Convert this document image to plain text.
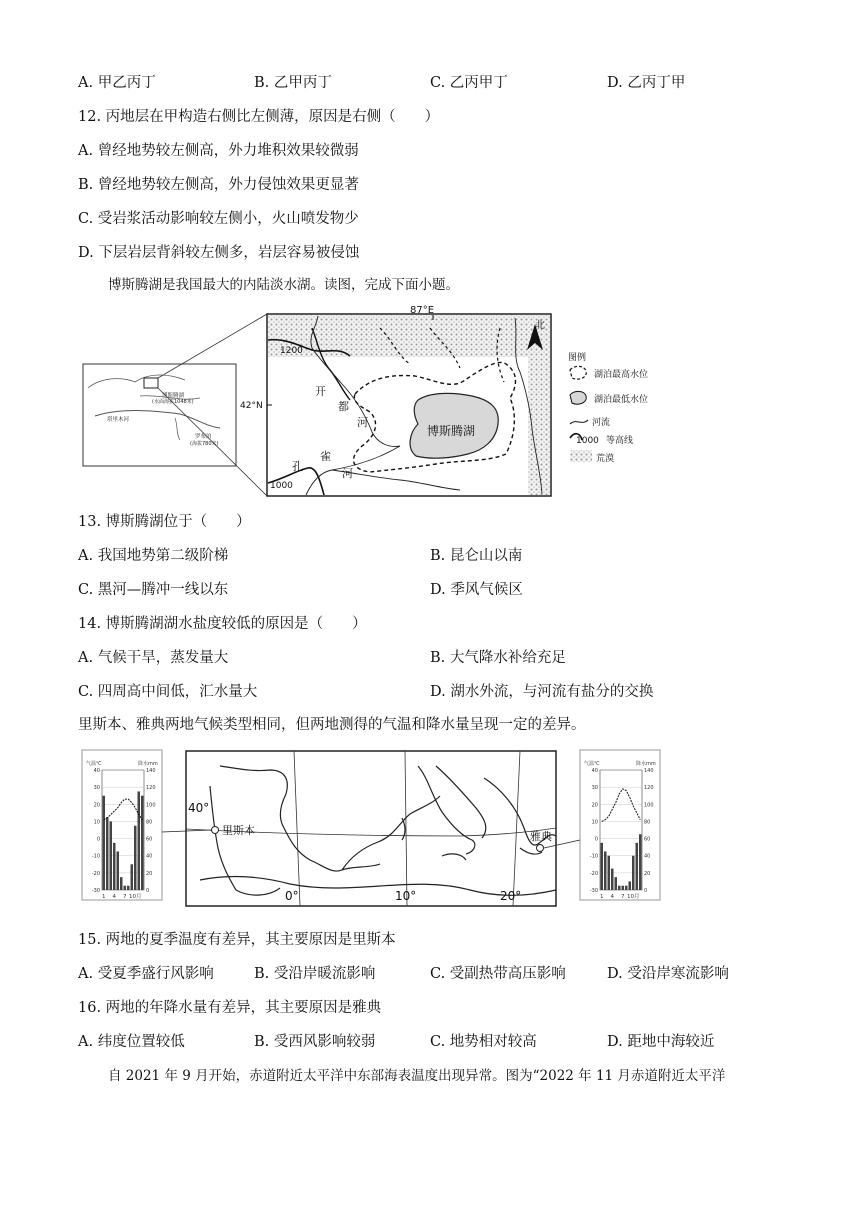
A. 甲乙丙丁	B. 乙甲丙丁	C. 乙丙甲丁	D. 乙丙丁甲
12. 丙地层在甲构造右侧比左侧薄，原因是右侧（　　）
A. 曾经地势较左侧高，外力堆积效果较微弱
B. 曾经地势较左侧高，外力侵蚀效果更显著
C. 受岩浆活动影响较左侧小，火山喷发物少
D. 下层岩层背斜较左侧多，岩层容易被侵蚀
博斯腾湖是我国最大的内陆淡水湖。读图，完成下面小题。
博斯腾湖
(水面海拔1048米)
塔里木河
罗布泊
(海拔780米)
博斯腾湖
87°E
42°N
1200
1000
开
都
河
孔
雀
河
北
图例
湖泊最高水位
湖泊最低水位
河流
1000 等高线
荒漠
13. 博斯腾湖位于（　　）
A. 我国地势第二级阶梯	B. 昆仑山以南
C. 黑河—腾冲一线以东	D. 季风气候区
14. 博斯腾湖湖水盐度较低的原因是（　　）
A. 气候干旱，蒸发量大	B. 大气降水补给充足
C. 四周高中间低，汇水量大	D. 湖水外流，与河流有盐分的交换
里斯本、雅典两地气候类型相同，但两地测得的气温和降水量呈现一定的差异。
40	140
30	120
20	100
10	80
0	60
-10	40
-20	20
-30	0
气温℃	降水mm
1 4 7 10月
40	140
30	120
20	100
10	80
0	60
-10	40
-20	20
-30	0
气温℃	降水mm
1 4 7 10月
里斯本	雅典
40°
0°	10°	20°
15. 两地的夏季温度有差异，其主要原因是里斯本
A. 受夏季盛行风影响	B. 受沿岸暖流影响	C. 受副热带高压影响	D. 受沿岸寒流影响
16. 两地的年降水量有差异，其主要原因是雅典
A. 纬度位置较低	B. 受西风影响较弱	C. 地势相对较高	D. 距地中海较近
自 2021 年 9 月开始，赤道附近太平洋中东部海表温度出现异常。图为“2022 年 11 月赤道附近太平洋
